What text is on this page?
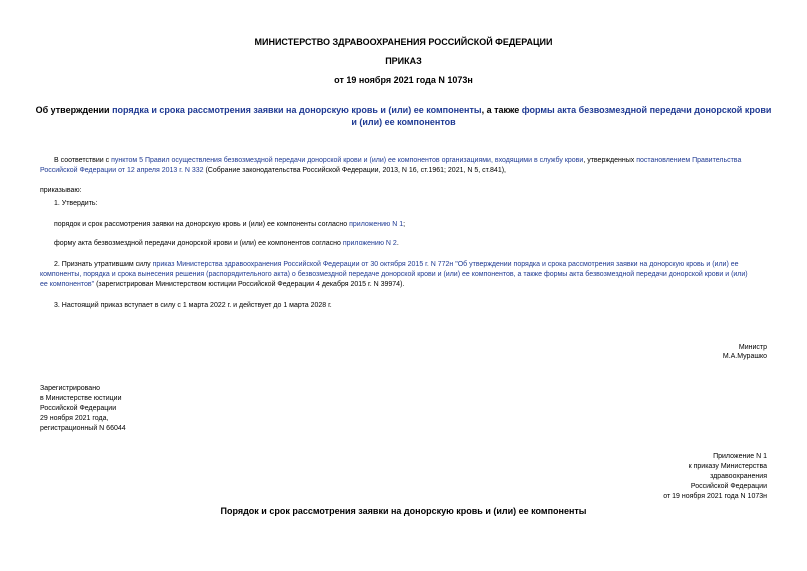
МИНИСТЕРСТВО ЗДРАВООХРАНЕНИЯ РОССИЙСКОЙ ФЕДЕРАЦИИ
ПРИКАЗ
от 19 ноября 2021 года N 1073н
Об утверждении порядка и срока рассмотрения заявки на донорскую кровь и (или) ее компоненты, а также формы акта безвозмездной передачи донорской крови
и (или) ее компонентов
В соответствии с пунктом 5 Правил осуществления безвозмездной передачи донорской крови и (или) ее компонентов организациями, входящими в службу крови, утвержденных постановлением Правительства
Российской Федерации от 12 апреля 2013 г. N 332 (Собрание законодательства Российской Федерации, 2013, N 16, ст.1961; 2021, N 5, ст.841),
приказываю:
1. Утвердить:
порядок и срок рассмотрения заявки на донорскую кровь и (или) ее компоненты согласно приложению N 1;
форму акта безвозмездной передачи донорской крови и (или) ее компонентов согласно приложению N 2.
2. Признать утратившим силу приказ Министерства здравоохранения Российской Федерации от 30 октября 2015 г. N 772н "Об утверждении порядка и срока рассмотрения заявки на донорскую кровь и (или) ее
компоненты, порядка и срока вынесения решения (распорядительного акта) о безвозмездной передаче донорской крови и (или) ее компонентов, а также формы акта безвозмездной передачи донорской крови и (или)
ее компонентов" (зарегистрирован Министерством юстиции Российской Федерации 4 декабря 2015 г. N 39974).
3. Настоящий приказ вступает в силу с 1 марта 2022 г. и действует до 1 марта 2028 г.
Министр
М.А.Мурашко
Зарегистрировано
в Министерстве юстиции
Российской Федерации
29 ноября 2021 года,
регистрационный N 66044
Приложение N 1
к приказу Министерства
здравоохранения
Российской Федерации
от 19 ноября 2021 года N 1073н
Порядок и срок рассмотрения заявки на донорскую кровь и (или) ее компоненты
